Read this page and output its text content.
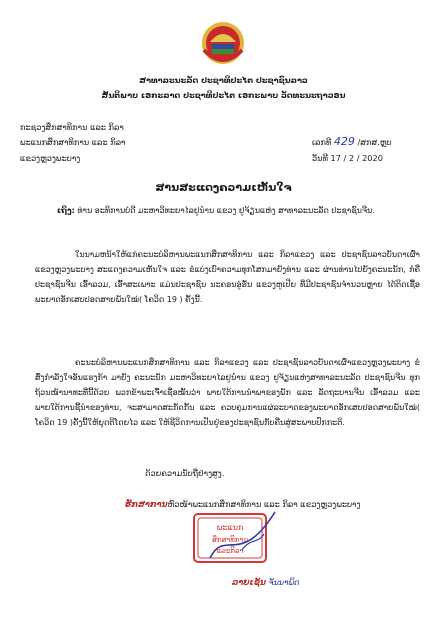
ສາທາລະນະລັດ ປະຊາທິປະໄຕ ປະຊາຊົນລາວ
ສັນຕິພາບ ເອກະລາດ ປະຊາທິປະໄຕ ເອກະພາບ ວັດທະນະຖາວອນ
ກະຊວງສຶກສາທິການ ແລະ ກິລາ
ພະແນກສຶກສາທິການ ແລະ ກິລາ
ແຂວງຫຼວງພະບາງ
ເລກທີ 429 /ສກສ.ຫຼບ
ວັນທີ 17 / 2 / 2020
ສານສະແດງຄວາມເຫັນໃຈ
ເຖິງ: ທ່ານ ອະທິການບໍດີ ມະຫາວິທະຍາໄລຢູນ໋ານ ແຂວງ ຢູຈ້ຽນແຫ່ງ ສາທາລະນະລັດ ປະຊາຊົນຈີນ.
ໃນນາມຫນ້າໃຫ້ແກ່ຄະນະບໍລິຫານພະແນກສຶກສາທິການ ແລະ ກິລາແຂວງ ແລະ ປະຊາຊົນລາວບັນດາເຜົ່າ ແຂວງຫຼວງພະບາງ ສະແດງຄວາມເຫັນໃຈ ແລະ ຂໍແບ່ງເບົາຄວາມທຸກໂສກມາຍັງທ່ານ ແລະ ຜ່ານທ່ານໄປຍັງຄະນະນັກ, ກໍຄື ປະຊາຊົນຈີນ ເອົ້າລວມ, ເອົ້າສະເພາະ ແມ່ນປະຊາຊົນ ນະຄອນອູ່ຮັ່ນ ແຂວງຫູເປີຍ ທີ່ມີປະຊາຊົນຈຳນວນຫຼາຍ ໄດ້ຕິດເຊື້ອພະຍາດອັກເສບປອດສາຍພັນໃໝ່( ໂຄວິດ 19 ) ຄັ້ງນີ້.
ຄະນະບໍລິຫານພະແນກສຶກສາທິການ ແລະ ກິລາແຂວງ ແລະ ປະຊາຊົນລາວບັນດາເຜົ່າແຂວງຫຼວງພະບາງ ຂໍສົ່ງກຳລັງໃຈອັນແຮງກ້າ ມາຍັງ ຄະນະນັກ ມະຫາວິທະຍາໄລຢູນ໋ານ ແຂວງ ຢູຈ້ຽນແຫ່ງສາທາລະນະລັດ ປະຊາຊົນຈີນ ທຸກຖ້ວນໜ້ານາທະທີ່ນີ້ດ້ວຍ ພວກຂ້າພະເຈົ້າເຊື່ອໝັ້ນວ່າ ພາຍໃຕ້ການນຳພາຂອງພັກ ແລະ ລັດຖະບານຈີນ ເອົ້າລວມ ແລະ ພາຍໃຕ້ການຊີ້ນຳຂອງທ່ານ, ຈະສາມາດສະກັດກັ້ນ ແລະ ຄວບຄຸມການແຜ່ລະບາດຂອງພະຍາດອັກເສບປອດສາຍພັນໃໝ່( ໂຄວິດ 19 )ຄັ້ງນີ້ໃຫ້ຍຸດຕິໂດຍໄວ ແລະ ໃຫ້ຊີວິດການເປັນຢູ່ຂອງປະຊາຊົນກັບຄືນສູ່ສະພາບປົກກະຕິ.
ດ້ວຍຄວາມນັບຖືຢ່າງສູງ.
ຮັກສາການຫົວໜ້າພະແນກສຶກສາທິການ ແລະ ກິລາ ແຂວງຫຼວງພະບາງ
ພະແນກ
ສຶກສາທິການ
ແລະກິລາ
ລາຍເຊັນ ຈັນນາພິດ
